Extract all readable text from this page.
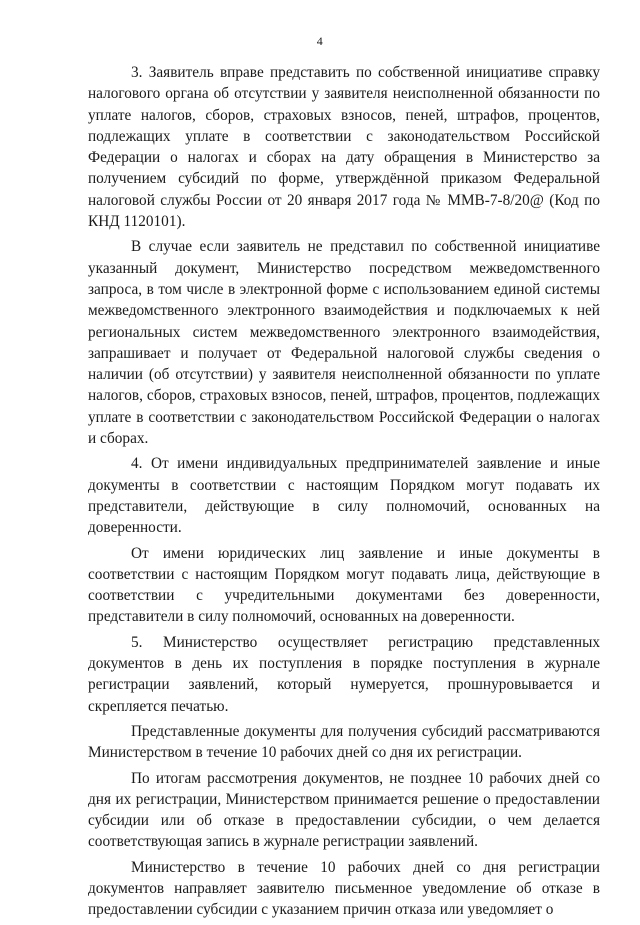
4

3. Заявитель вправе представить по собственной инициативе справку налогового органа об отсутствии у заявителя неисполненной обязанности по уплате налогов, сборов, страховых взносов, пеней, штрафов, процентов, подлежащих уплате в соответствии с законодательством Российской Федерации о налогах и сборах на дату обращения в Министерство за получением субсидий по форме, утверждённой приказом Федеральной налоговой службы России от 20 января 2017 года № ММВ-7-8/20@ (Код по КНД 1120101).

В случае если заявитель не представил по собственной инициативе указанный документ, Министерство посредством межведомственного запроса, в том числе в электронной форме с использованием единой системы межведомственного электронного взаимодействия и подключаемых к ней региональных систем межведомственного электронного взаимодействия, запрашивает и получает от Федеральной налоговой службы сведения о наличии (об отсутствии) у заявителя неисполненной обязанности по уплате налогов, сборов, страховых взносов, пеней, штрафов, процентов, подлежащих уплате в соответствии с законодательством Российской Федерации о налогах и сборах.

4. От имени индивидуальных предпринимателей заявление и иные документы в соответствии с настоящим Порядком могут подавать их представители, действующие в силу полномочий, основанных на доверенности.

От имени юридических лиц заявление и иные документы в соответствии с настоящим Порядком могут подавать лица, действующие в соответствии с учредительными документами без доверенности, представители в силу полномочий, основанных на доверенности.

5. Министерство осуществляет регистрацию представленных документов в день их поступления в порядке поступления в журнале регистрации заявлений, который нумеруется, прошнуровывается и скрепляется печатью.

Представленные документы для получения субсидий рассматриваются Министерством в течение 10 рабочих дней со дня их регистрации.

По итогам рассмотрения документов, не позднее 10 рабочих дней со дня их регистрации, Министерством принимается решение о предоставлении субсидии или об отказе в предоставлении субсидии, о чем делается соответствующая запись в журнале регистрации заявлений.

Министерство в течение 10 рабочих дней со дня регистрации документов направляет заявителю письменное уведомление об отказе в предоставлении субсидии с указанием причин отказа или уведомляет о
